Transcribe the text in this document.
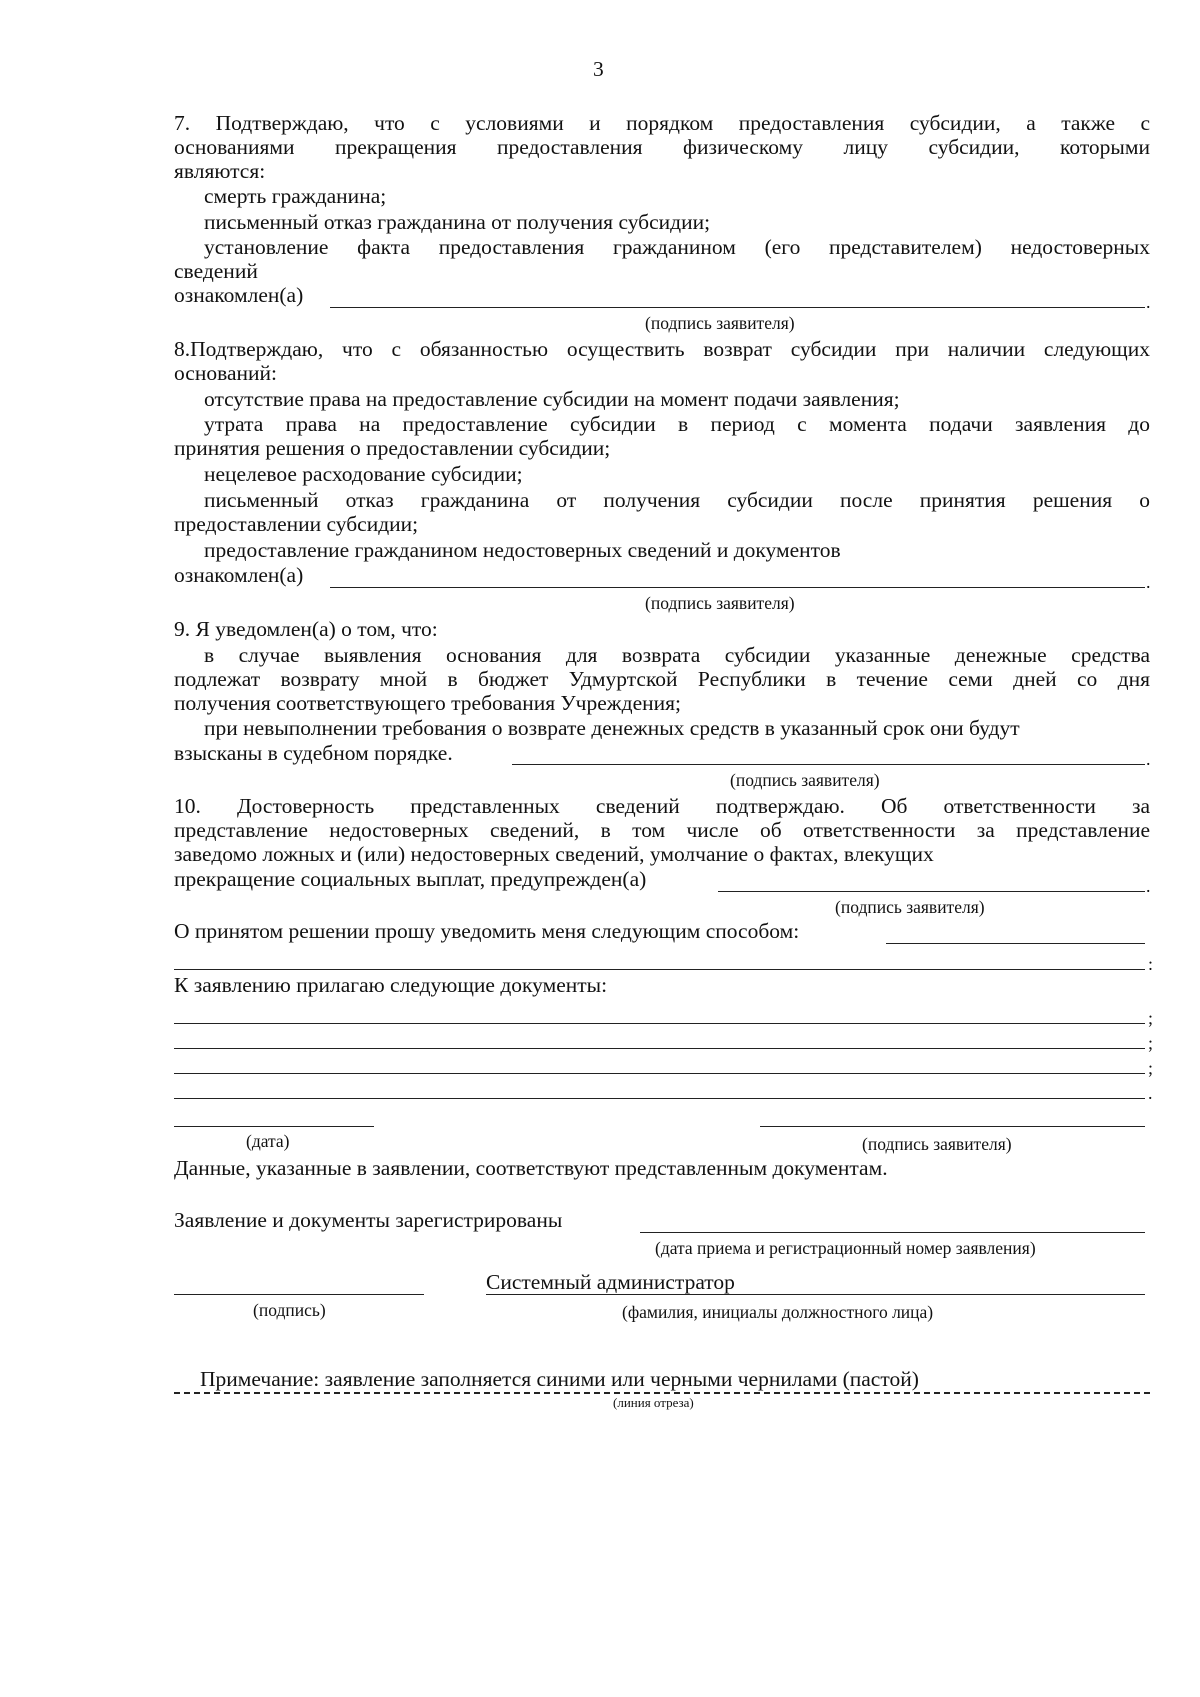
3
7. Подтверждаю, что с условиями и порядком предоставления субсидии, а также с
основаниями прекращения предоставления физическому лицу субсидии, которыми
являются:
смерть гражданина;
письменный отказ гражданина от получения субсидии;
установление факта предоставления гражданином (его представителем) недостоверных
сведений
ознакомлен(а)	.
(подпись заявителя)
8.Подтверждаю, что с обязанностью осуществить возврат субсидии при наличии следующих
оснований:
отсутствие права на предоставление субсидии на момент подачи заявления;
утрата права на предоставление субсидии в период с момента подачи заявления до
принятия решения о предоставлении субсидии;
нецелевое расходование субсидии;
письменный отказ гражданина от получения субсидии после принятия решения о
предоставлении субсидии;
предоставление гражданином недостоверных сведений и документов
ознакомлен(а)	.
(подпись заявителя)
9. Я уведомлен(а) о том, что:
в случае выявления основания для возврата субсидии указанные денежные средства
подлежат возврату мной в бюджет Удмуртской Республики в течение семи дней со дня
получения соответствующего требования Учреждения;
при невыполнении требования о возврате денежных средств в указанный срок они будут
взысканы в судебном порядке.	.
(подпись заявителя)
10. Достоверность представленных сведений подтверждаю. Об ответственности за
представление недостоверных сведений, в том числе об ответственности за представление
заведомо ложных и (или) недостоверных сведений, умолчание о фактах, влекущих
прекращение социальных выплат, предупрежден(а)	.
(подпись заявителя)
О принятом решении прошу уведомить меня следующим способом:
:
К заявлению прилагаю следующие документы:
;
;
;
.
(дата)	(подпись заявителя)
Данные, указанные в заявлении, соответствуют представленным документам.
Заявление и документы зарегистрированы
(дата приема и регистрационный номер заявления)
Системный администратор
(подпись)	(фамилия, инициалы должностного лица)
Примечание: заявление заполняется синими или черными чернилами (пастой)
(линия отреза)
